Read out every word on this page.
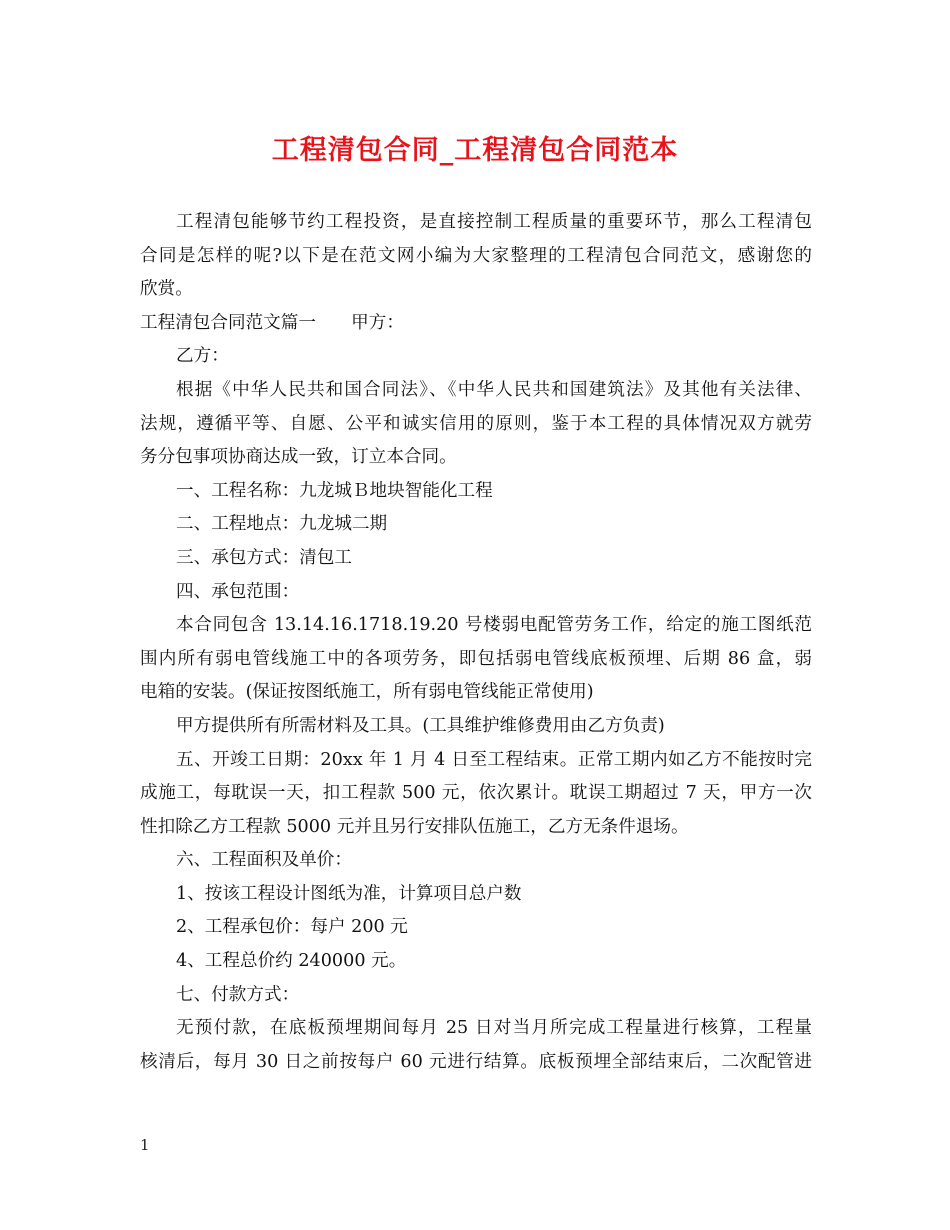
工程清包合同_工程清包合同范本
工程清包能够节约工程投资，是直接控制工程质量的重要环节，那么工程清包
合同是怎样的呢?以下是在范文网小编为大家整理的工程清包合同范文，感谢您的
欣赏。
工程清包合同范文篇一　　甲方：
乙方：
根据《中华人民共和国合同法》、《中华人民共和国建筑法》及其他有关法律、
法规，遵循平等、自愿、公平和诚实信用的原则，鉴于本工程的具体情况双方就劳
务分包事项协商达成一致，订立本合同。
一、工程名称：九龙城Ｂ地块智能化工程
二、工程地点：九龙城二期
三、承包方式：清包工
四、承包范围：
本合同包含 13.14.16.1718.19.20 号楼弱电配管劳务工作，给定的施工图纸范
围内所有弱电管线施工中的各项劳务，即包括弱电管线底板预埋、后期 86 盒，弱
电箱的安装。(保证按图纸施工，所有弱电管线能正常使用)
甲方提供所有所需材料及工具。(工具维护维修费用由乙方负责)
五、开竣工日期：20xx 年 1 月 4 日至工程结束。正常工期内如乙方不能按时完
成施工，每耽误一天，扣工程款 500 元，依次累计。耽误工期超过 7 天，甲方一次
性扣除乙方工程款 5000 元并且另行安排队伍施工，乙方无条件退场。
六、工程面积及单价：
1、按该工程设计图纸为准，计算项目总户数
2、工程承包价：每户 200 元
4、工程总价约 240000 元。
七、付款方式：
无预付款，在底板预埋期间每月 25 日对当月所完成工程量进行核算，工程量
核清后，每月 30 日之前按每户 60 元进行结算。底板预埋全部结束后，二次配管进
1
